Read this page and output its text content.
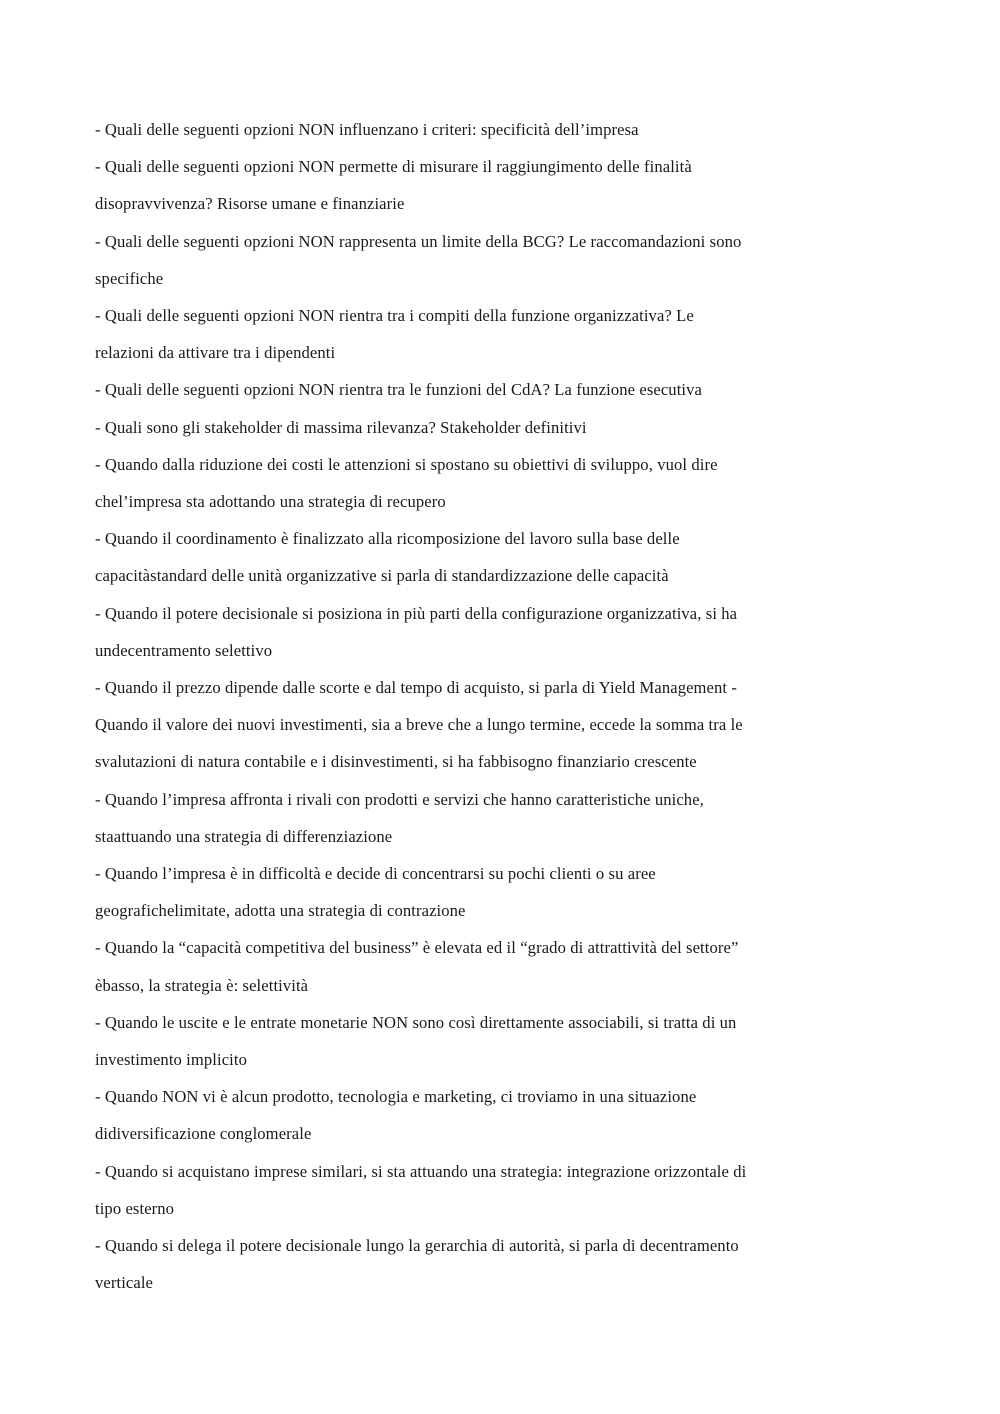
- Quali delle seguenti opzioni NON influenzano i criteri: specificità dell’impresa
- Quali delle seguenti opzioni NON permette di misurare il raggiungimento delle finalità
disopravvivenza? Risorse umane e finanziarie
- Quali delle seguenti opzioni NON rappresenta un limite della BCG? Le raccomandazioni sono
specifiche
- Quali delle seguenti opzioni NON rientra tra i compiti della funzione organizzativa? Le
relazioni da attivare tra i dipendenti
- Quali delle seguenti opzioni NON rientra tra le funzioni del CdA? La funzione esecutiva
- Quali sono gli stakeholder di massima rilevanza? Stakeholder definitivi
- Quando dalla riduzione dei costi le attenzioni si spostano su obiettivi di sviluppo, vuol dire
chel’impresa sta adottando una strategia di recupero
- Quando il coordinamento è finalizzato alla ricomposizione del lavoro sulla base delle
capacitàstandard delle unità organizzative si parla di standardizzazione delle capacità
- Quando il potere decisionale si posiziona in più parti della configurazione organizzativa, si ha
undecentramento selettivo
- Quando il prezzo dipende dalle scorte e dal tempo di acquisto, si parla di Yield Management -
Quando il valore dei nuovi investimenti, sia a breve che a lungo termine, eccede la somma tra le
svalutazioni di natura contabile e i disinvestimenti, si ha fabbisogno finanziario crescente
- Quando l’impresa affronta i rivali con prodotti e servizi che hanno caratteristiche uniche,
staattuando una strategia di differenziazione
- Quando l’impresa è in difficoltà e decide di concentrarsi su pochi clienti o su aree
geografichelimitate, adotta una strategia di contrazione
- Quando la “capacità competitiva del business” è elevata ed il “grado di attrattività del settore”
èbasso, la strategia è: selettività
- Quando le uscite e le entrate monetarie NON sono così direttamente associabili, si tratta di un
investimento implicito
- Quando NON vi è alcun prodotto, tecnologia e marketing, ci troviamo in una situazione
didiversificazione conglomerale
- Quando si acquistano imprese similari, si sta attuando una strategia: integrazione orizzontale di
tipo esterno
- Quando si delega il potere decisionale lungo la gerarchia di autorità, si parla di decentramento
verticale
